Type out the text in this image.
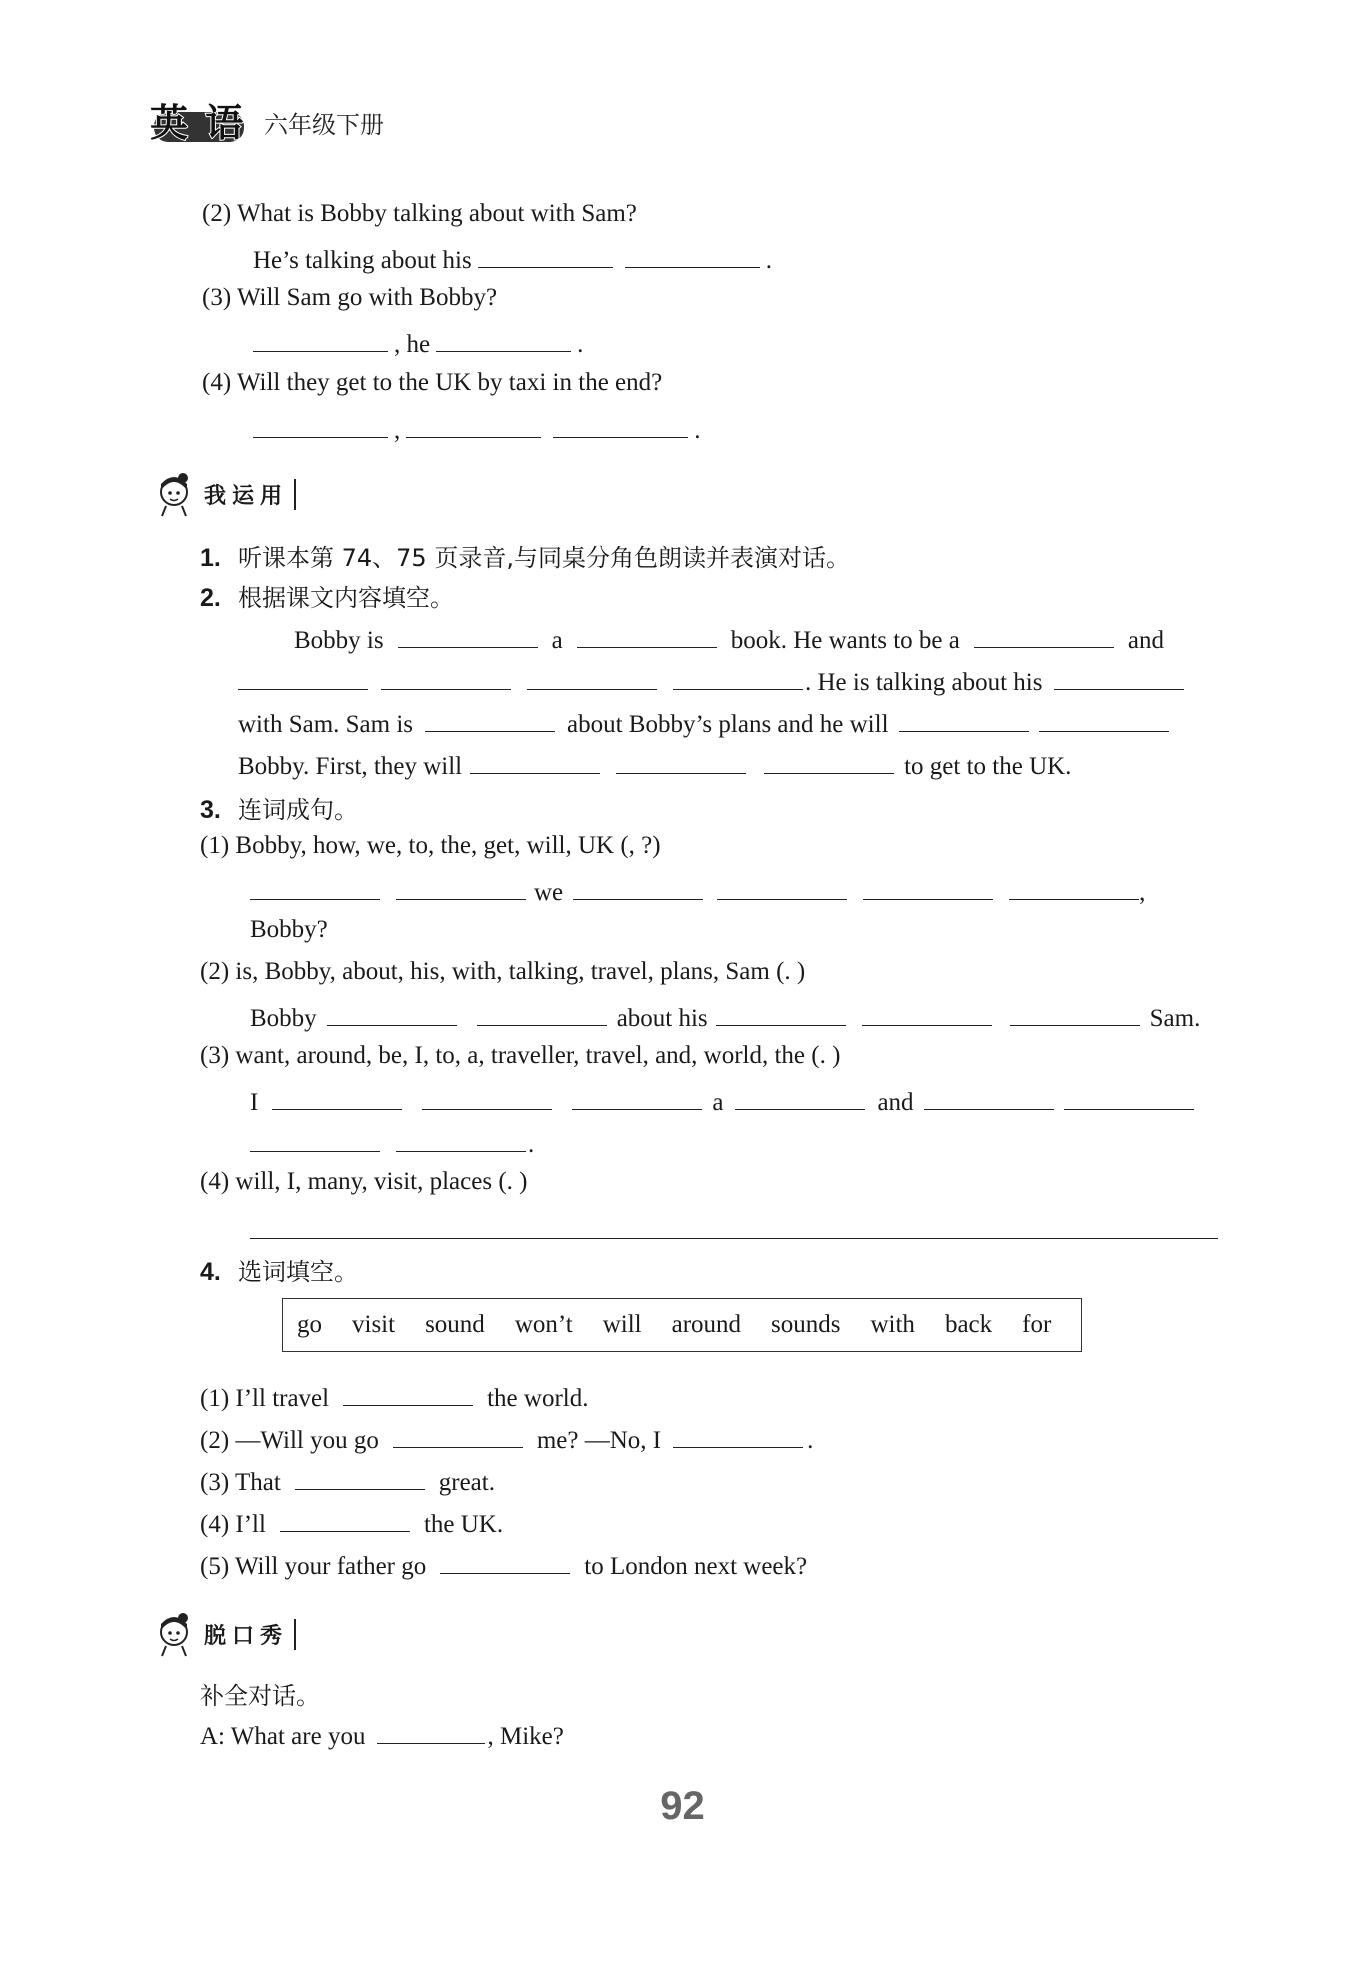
英 语 六年级下册
(2) What is Bobby talking about with Sam?
He’s talking about his	.
(3) Will Sam go with Bobby?
, he	.
(4) Will they get to the UK by taxi in the end?
,	.
我运用
1. 听课本第 74、75 页录音,与同桌分角色朗读并表演对话。
2. 根据课文内容填空。
Bobby is	a	book. He wants to be a	and
. He is talking about his
with Sam. Sam is	about Bobby’s plans and he will
Bobby. First, they will	to get to the UK.
3. 连词成句。
(1) Bobby, how, we, to, the, get, will, UK (, ?)
we	,
Bobby?
(2) is, Bobby, about, his, with, talking, travel, plans, Sam (. )
Bobby	about his	Sam.
(3) want, around, be, I, to, a, traveller, travel, and, world, the (. )
I	a	and
.
(4) will, I, many, visit, places (. )
4. 选词填空。
go visit sound won’t will around sounds with back for
(1) I’ll travel	the world.
(2) —Will you go	me? —No, I	.
(3) That	great.
(4) I’ll	the UK.
(5) Will your father go	to London next week?
脱口秀
补全对话。
A: What are you	, Mike?
92
